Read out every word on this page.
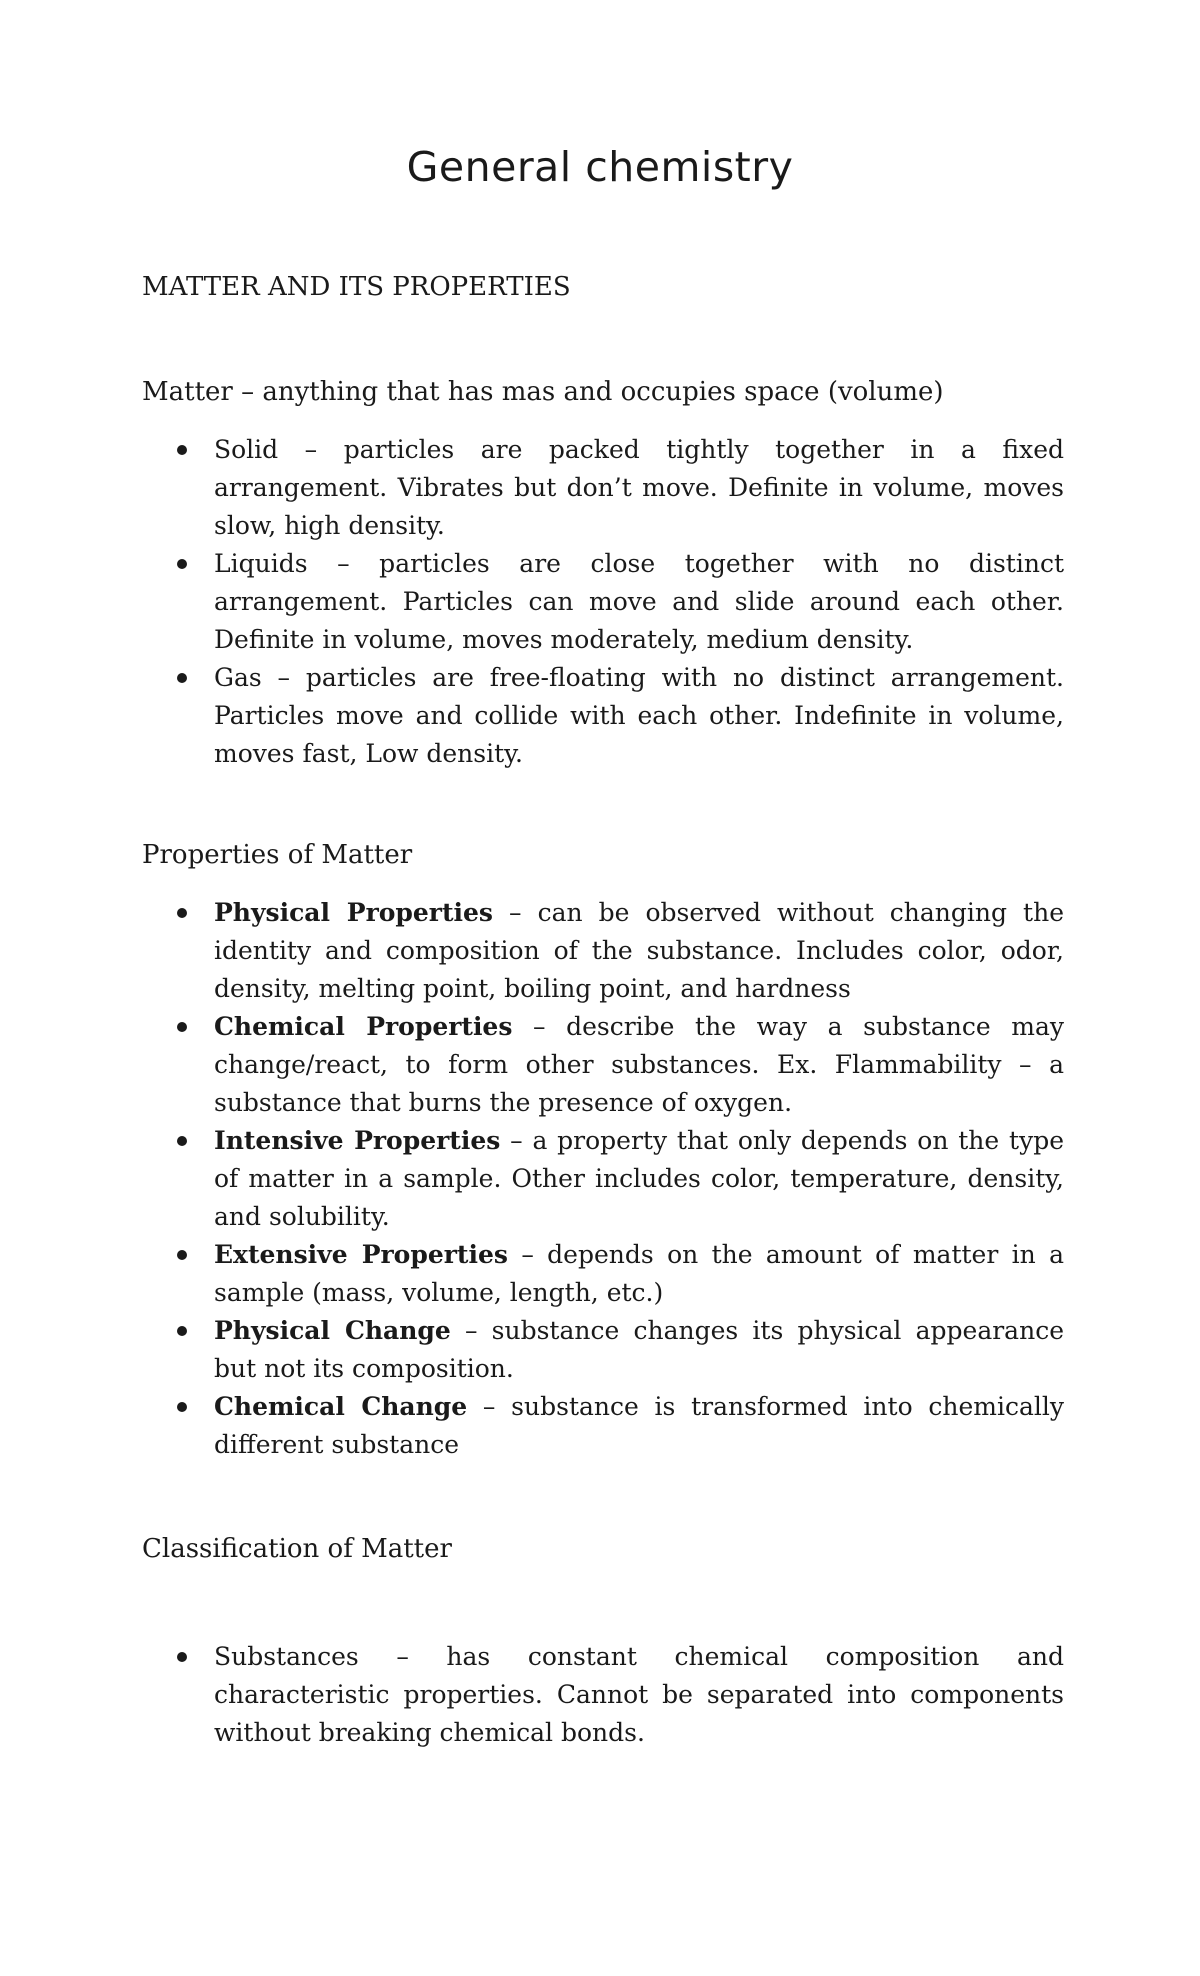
General chemistry
MATTER AND ITS PROPERTIES

Matter – anything that has mas and occupies space (volume)

Solid – particles are packed tightly together in a fixed arrangement. Vibrates but don’t move. Definite in volume, moves slow, high density.
Liquids – particles are close together with no distinct arrangement. Particles can move and slide around each other. Definite in volume, moves moderately, medium density.
Gas – particles are free-floating with no distinct arrangement. Particles move and collide with each other. Indefinite in volume, moves fast, Low density.
Properties of Matter
Physical Properties – can be observed without changing the identity and composition of the substance. Includes color, odor, density, melting point, boiling point, and hardness
Chemical Properties – describe the way a substance may change/react, to form other substances. Ex. Flammability – a substance that burns the presence of oxygen.
Intensive Properties – a property that only depends on the type of matter in a sample. Other includes color, temperature, density, and solubility.
Extensive Properties – depends on the amount of matter in a sample (mass, volume, length, etc.)
Physical Change – substance changes its physical appearance but not its composition.
Chemical Change – substance is transformed into chemically different substance
Classification of Matter
Substances – has constant chemical composition and characteristic properties. Cannot be separated into components without breaking chemical bonds.
